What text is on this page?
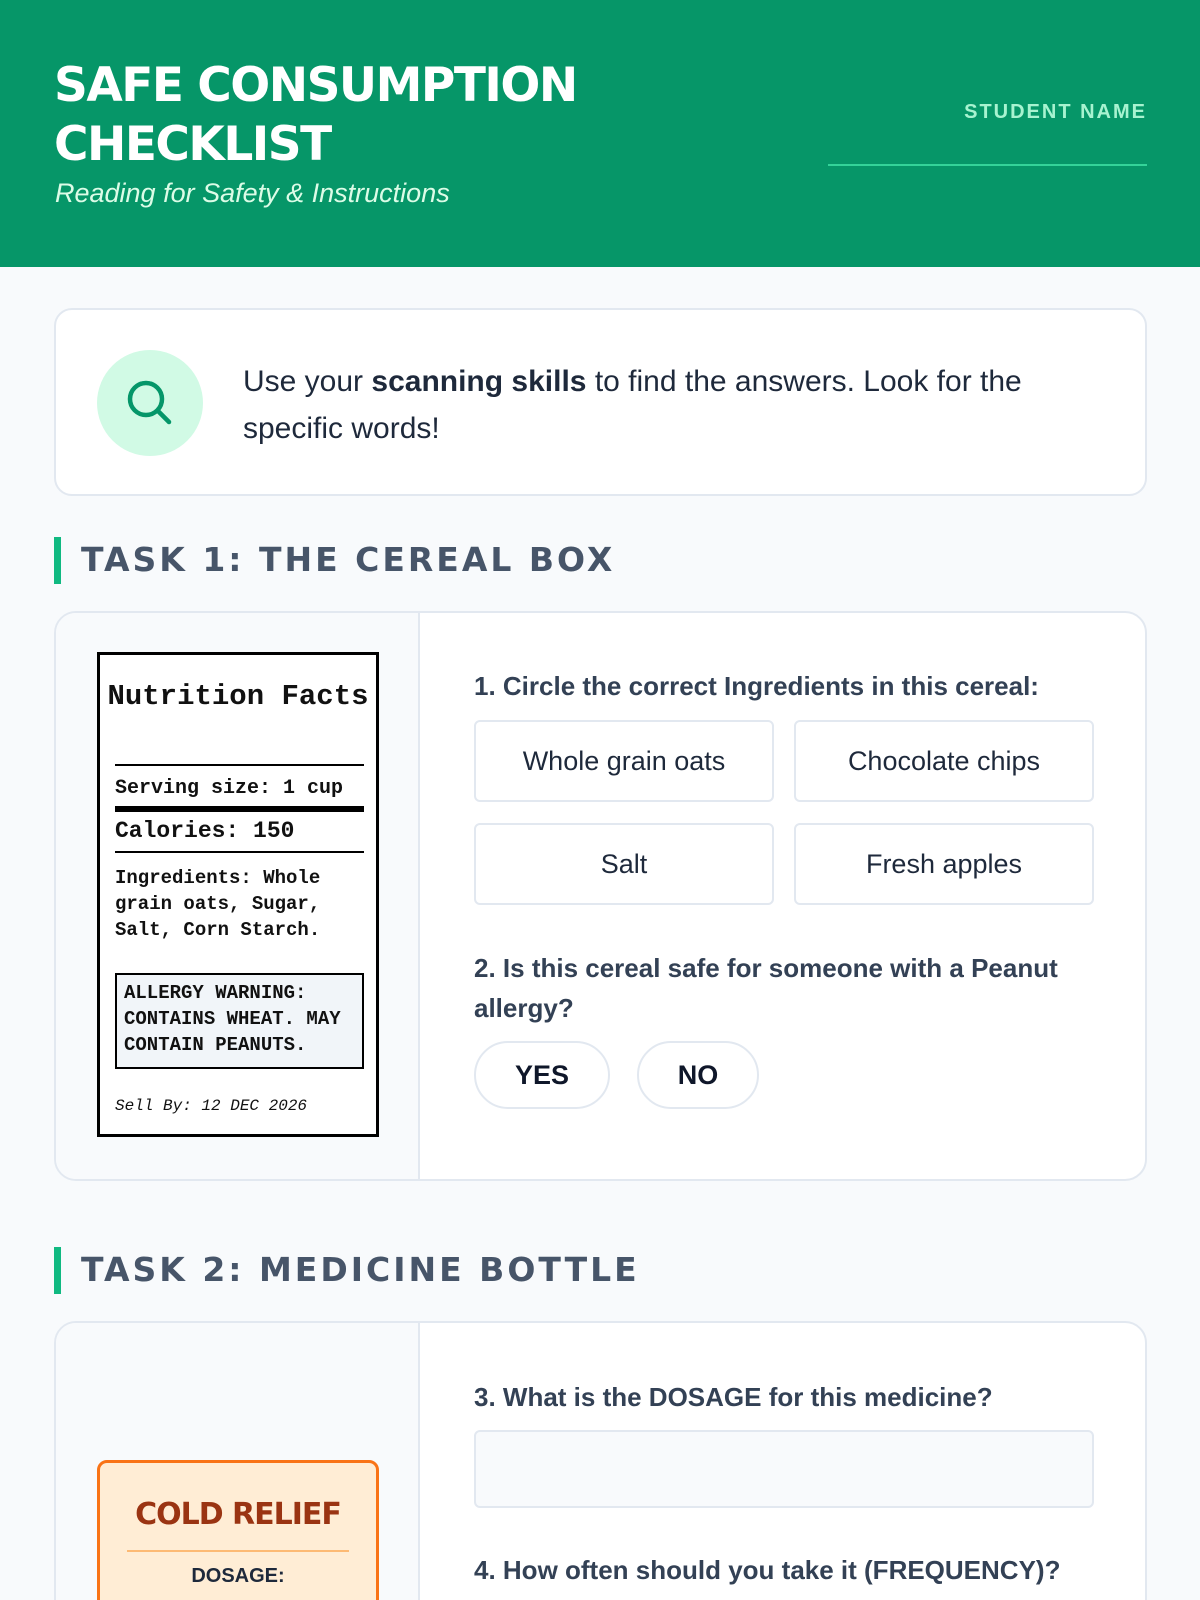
SAFE CONSUMPTION CHECKLIST
Reading for Safety & Instructions
STUDENT NAME
Use your scanning skills to find the answers. Look for the specific words!
TASK 1: THE CEREAL BOX
Nutrition Facts
Serving size: 1 cup
Calories: 150
Ingredients: Whole grain oats, Sugar, Salt, Corn Starch.
ALLERGY WARNING: CONTAINS WHEAT. MAY CONTAIN PEANUTS.
Sell By: 12 DEC 2026
1. Circle the correct Ingredients in this cereal:
Whole grain oats	Chocolate chips
Salt	Fresh apples
2. Is this cereal safe for someone with a Peanut allergy?
YES	NO
TASK 2: MEDICINE BOTTLE
COLD RELIEF
DOSAGE:
3. What is the DOSAGE for this medicine?
4. How often should you take it (FREQUENCY)?
